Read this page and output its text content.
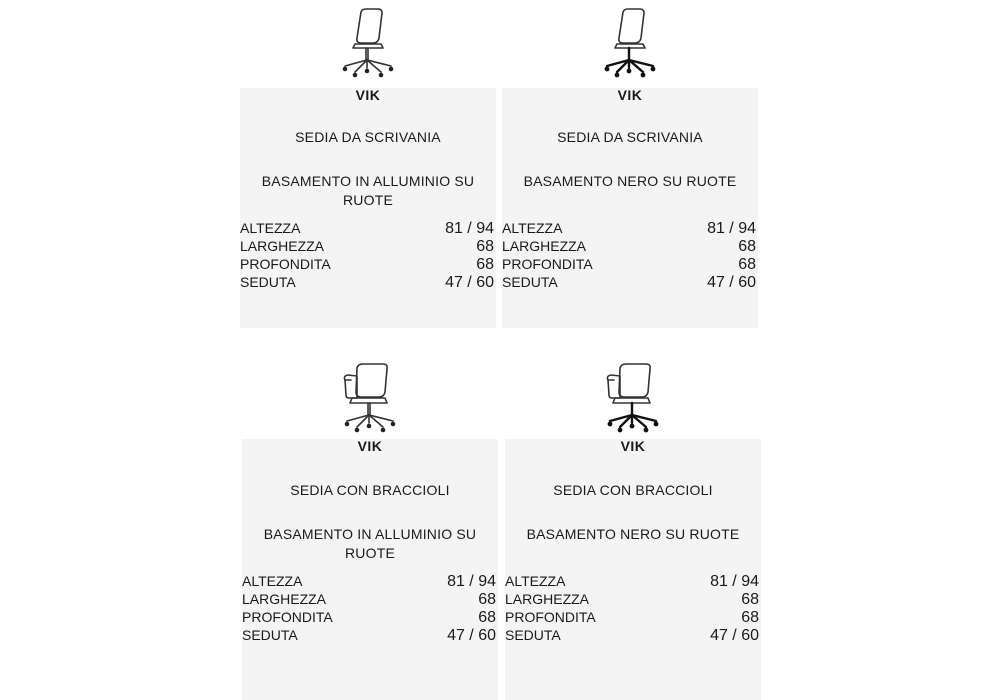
VIK
SEDIA DA SCRIVANIA
BASAMENTO IN ALLUMINIO SU RUOTE
ALTEZZA	81 / 94
LARGHEZZA	68
PROFONDITA	68
SEDUTA	47 / 60
VIK
SEDIA DA SCRIVANIA
BASAMENTO NERO SU RUOTE
ALTEZZA	81 / 94
LARGHEZZA	68
PROFONDITA	68
SEDUTA	47 / 60
VIK
SEDIA CON BRACCIOLI
BASAMENTO IN ALLUMINIO SU RUOTE
ALTEZZA	81 / 94
LARGHEZZA	68
PROFONDITA	68
SEDUTA	47 / 60
VIK
SEDIA CON BRACCIOLI
BASAMENTO NERO SU RUOTE
ALTEZZA	81 / 94
LARGHEZZA	68
PROFONDITA	68
SEDUTA	47 / 60
